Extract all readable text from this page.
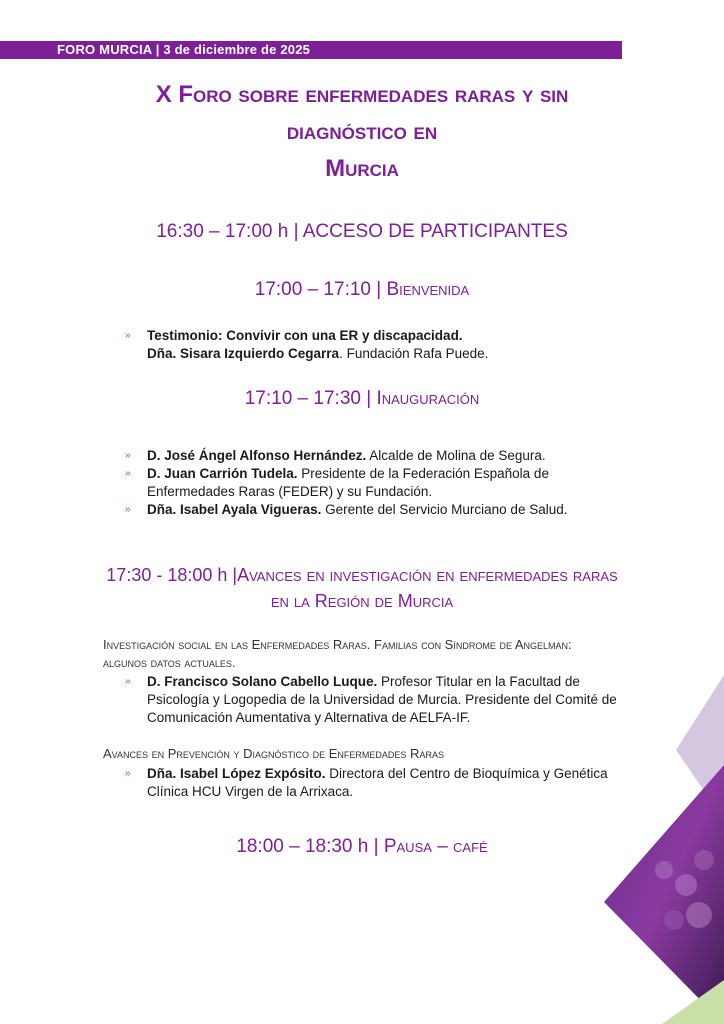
FORO MURCIA | 3 de diciembre de 2025
X Foro sobre enfermedades raras y sin
diagnóstico en
Murcia
16:30 – 17:00 h | ACCESO DE PARTICIPANTES
17:00 – 17:10 | Bienvenida
» Testimonio: Convivir con una ER y discapacidad.
Dña. Sisara Izquierdo Cegarra. Fundación Rafa Puede.
17:10 – 17:30 | Inauguración
» D. José Ángel Alfonso Hernández. Alcalde de Molina de Segura.
» D. Juan Carrión Tudela. Presidente de la Federación Española de
Enfermedades Raras (FEDER) y su Fundación.
» Dña. Isabel Ayala Vigueras. Gerente del Servicio Murciano de Salud.
17:30 - 18:00 h |Avances en investigación en enfermedades raras
en la Región de Murcia
Investigación social en las Enfermedades Raras. Familias con Síndrome de Angelman:
algunos datos actuales.
» D. Francisco Solano Cabello Luque. Profesor Titular en la Facultad de
Psicología y Logopedia de la Universidad de Murcia. Presidente del Comité de
Comunicación Aumentativa y Alternativa de AELFA-IF.
Avances en Prevención y Diagnóstico de Enfermedades Raras
» Dña. Isabel López Expósito. Directora del Centro de Bioquímica y Genética
Clínica HCU Virgen de la Arrixaca.
18:00 – 18:30 h | Pausa – café
